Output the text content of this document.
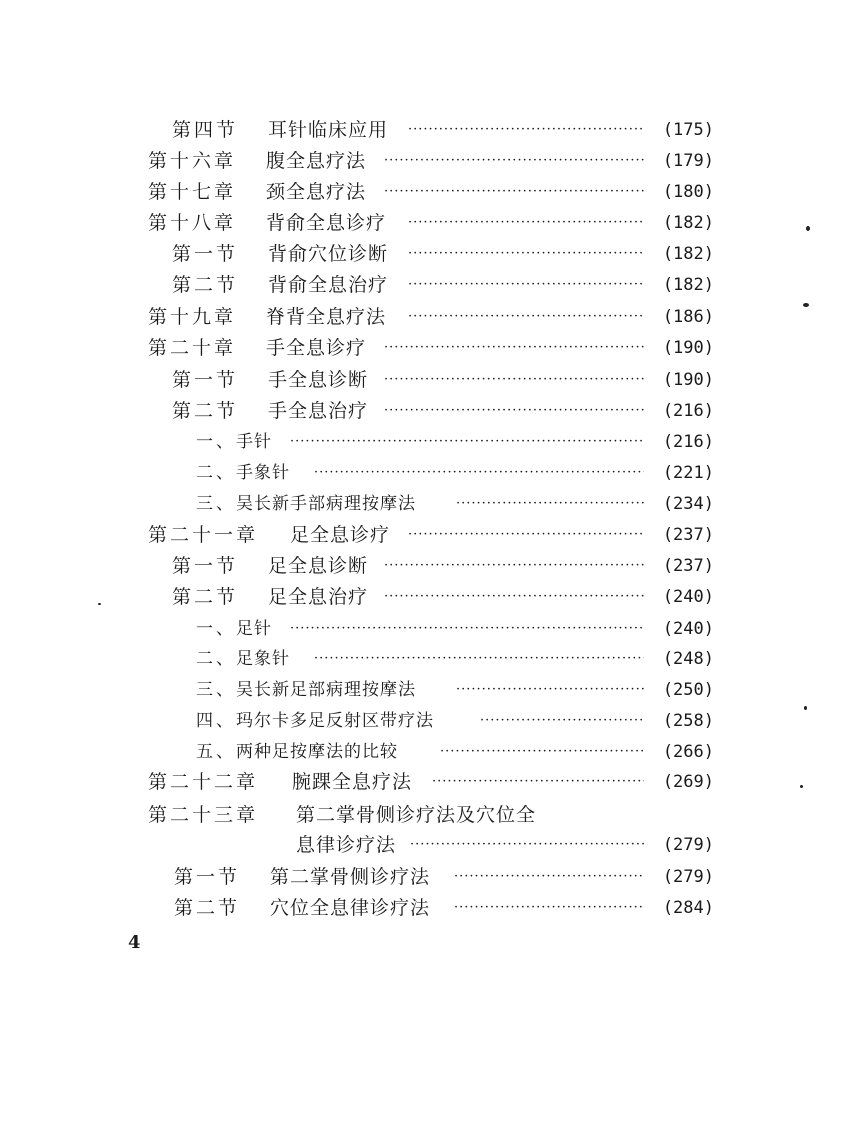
第四节 耳针临床应用 ·····	(175)
第十六章 腹全息疗法 ·····	(179)
第十七章 颈全息疗法 ·····	(180)
第十八章 背俞全息诊疗 ·····	(182)
第一节 背俞穴位诊断 ·····	(182)
第二节 背俞全息治疗 ·····	(182)
第十九章 脊背全息疗法 ·····	(186)
第二十章 手全息诊疗 ·····	(190)
第一节 手全息诊断 ·····	(190)
第二节 手全息治疗 ·····	(216)
一、 手针 ·····	(216)
二、 手象针 ·····	(221)
三、 吴长新手部病理按摩法 ·····	(234)
第二十一章 足全息诊疗 ·····	(237)
第一节 足全息诊断 ·····	(237)
第二节 足全息治疗 ·····	(240)
一、 足针 ·····	(240)
二、 足象针 ·····	(248)
三、 吴长新足部病理按摩法 ·····	(250)
四、 玛尔卡多足反射区带疗法 ·····	(258)
五、 两种足按摩法的比较 ·····	(266)
第二十二章 腕踝全息疗法 ·····	(269)
第二十三章 第二掌骨侧诊疗法及穴位全
息律诊疗法 ·····	(279)
第一节 第二掌骨侧诊疗法 ·····	(279)
第二节 穴位全息律诊疗法 ·····	(284)
4
